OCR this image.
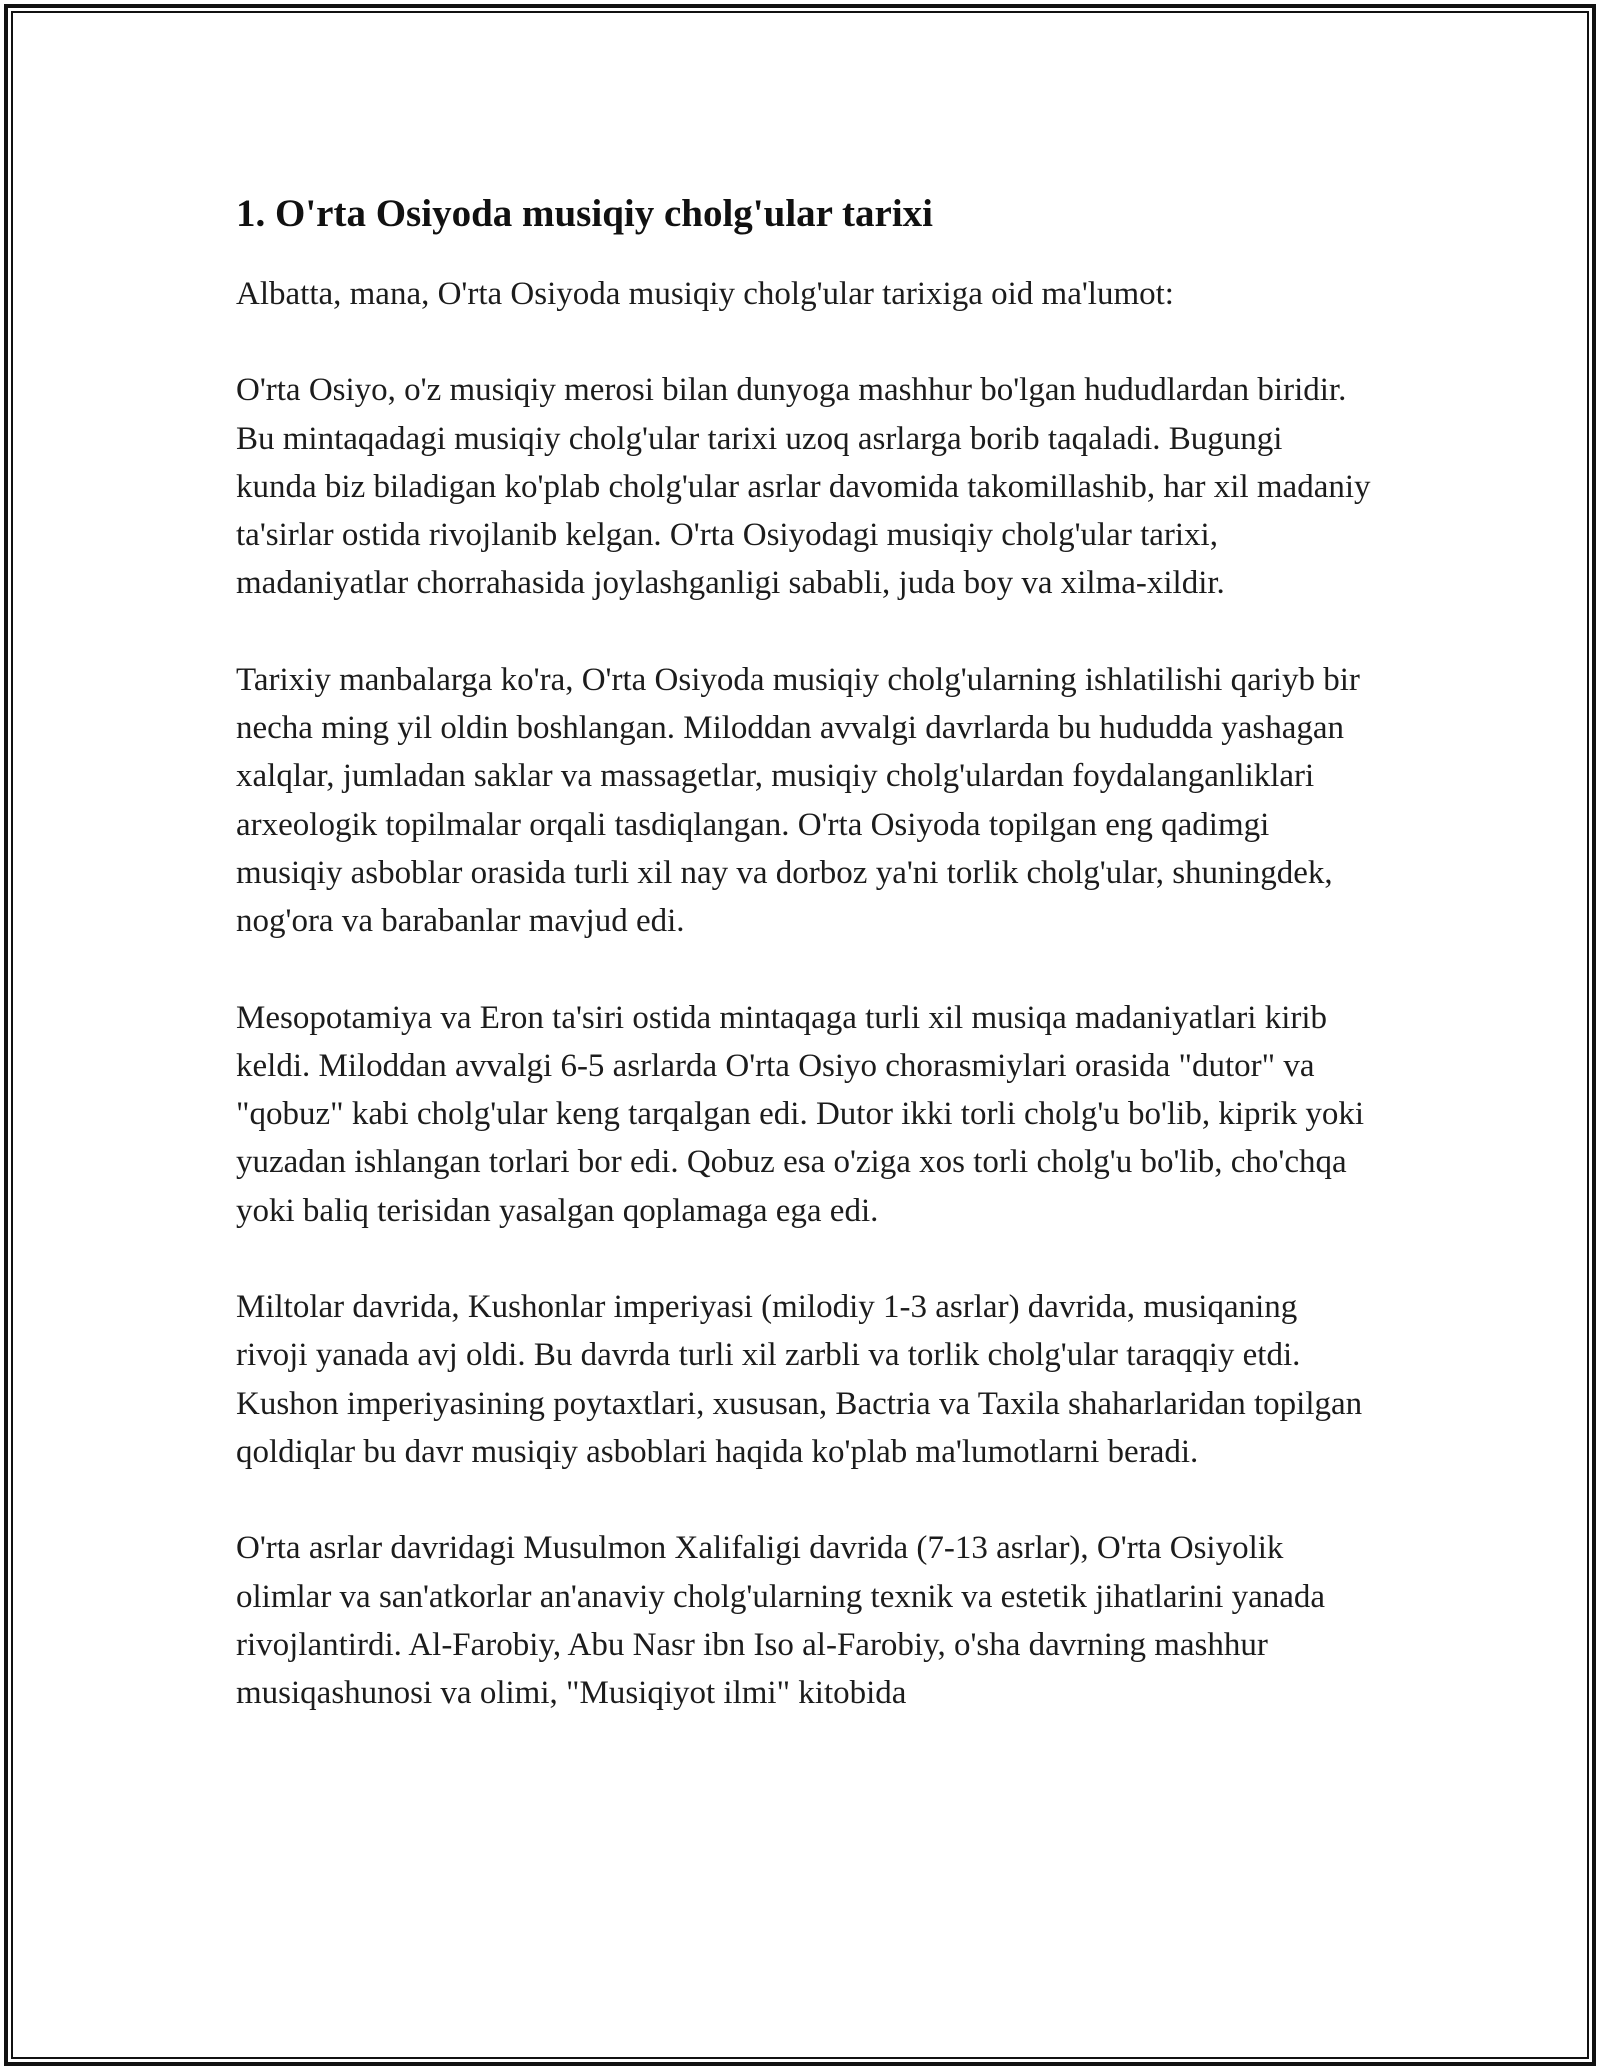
1. O'rta Osiyoda musiqiy cholg'ular tarixi

Albatta, mana, O'rta Osiyoda musiqiy cholg'ular tarixiga oid ma'lumot:

O'rta Osiyo, o'z musiqiy merosi bilan dunyoga mashhur bo'lgan hududlardan biridir. Bu mintaqadagi musiqiy cholg'ular tarixi uzoq asrlarga borib taqaladi. Bugungi kunda biz biladigan ko'plab cholg'ular asrlar davomida takomillashib, har xil madaniy ta'sirlar ostida rivojlanib kelgan. O'rta Osiyodagi musiqiy cholg'ular tarixi, madaniyatlar chorrahasida joylashganligi sababli, juda boy va xilma-xildir.

Tarixiy manbalarga ko'ra, O'rta Osiyoda musiqiy cholg'ularning ishlatilishi qariyb bir necha ming yil oldin boshlangan. Miloddan avvalgi davrlarda bu hududda yashagan xalqlar, jumladan saklar va massagetlar, musiqiy cholg'ulardan foydalanganliklari arxeologik topilmalar orqali tasdiqlangan. O'rta Osiyoda topilgan eng qadimgi musiqiy asboblar orasida turli xil nay va dorboz ya'ni torlik cholg'ular, shuningdek, nog'ora va barabanlar mavjud edi.

Mesopotamiya va Eron ta'siri ostida mintaqaga turli xil musiqa madaniyatlari kirib keldi. Miloddan avvalgi 6-5 asrlarda O'rta Osiyo chorasmiylari orasida "dutor" va "qobuz" kabi cholg'ular keng tarqalgan edi. Dutor ikki torli cholg'u bo'lib, kiprik yoki yuzadan ishlangan torlari bor edi. Qobuz esa o'ziga xos torli cholg'u bo'lib, cho'chqa yoki baliq terisidan yasalgan qoplamaga ega edi.

Miltolar davrida, Kushonlar imperiyasi (milodiy 1-3 asrlar) davrida, musiqaning rivoji yanada avj oldi. Bu davrda turli xil zarbli va torlik cholg'ular taraqqiy etdi. Kushon imperiyasining poytaxtlari, xususan, Bactria va Taxila shaharlaridan topilgan qoldiqlar bu davr musiqiy asboblari haqida ko'plab ma'lumotlarni beradi.

O'rta asrlar davridagi Musulmon Xalifaligi davrida (7-13 asrlar), O'rta Osiyolik olimlar va san'atkorlar an'anaviy cholg'ularning texnik va estetik jihatlarini yanada rivojlantirdi. Al-Farobiy, Abu Nasr ibn Iso al-Farobiy, o'sha davrning mashhur musiqashunosi va olimi, "Musiqiyot ilmi" kitobida
